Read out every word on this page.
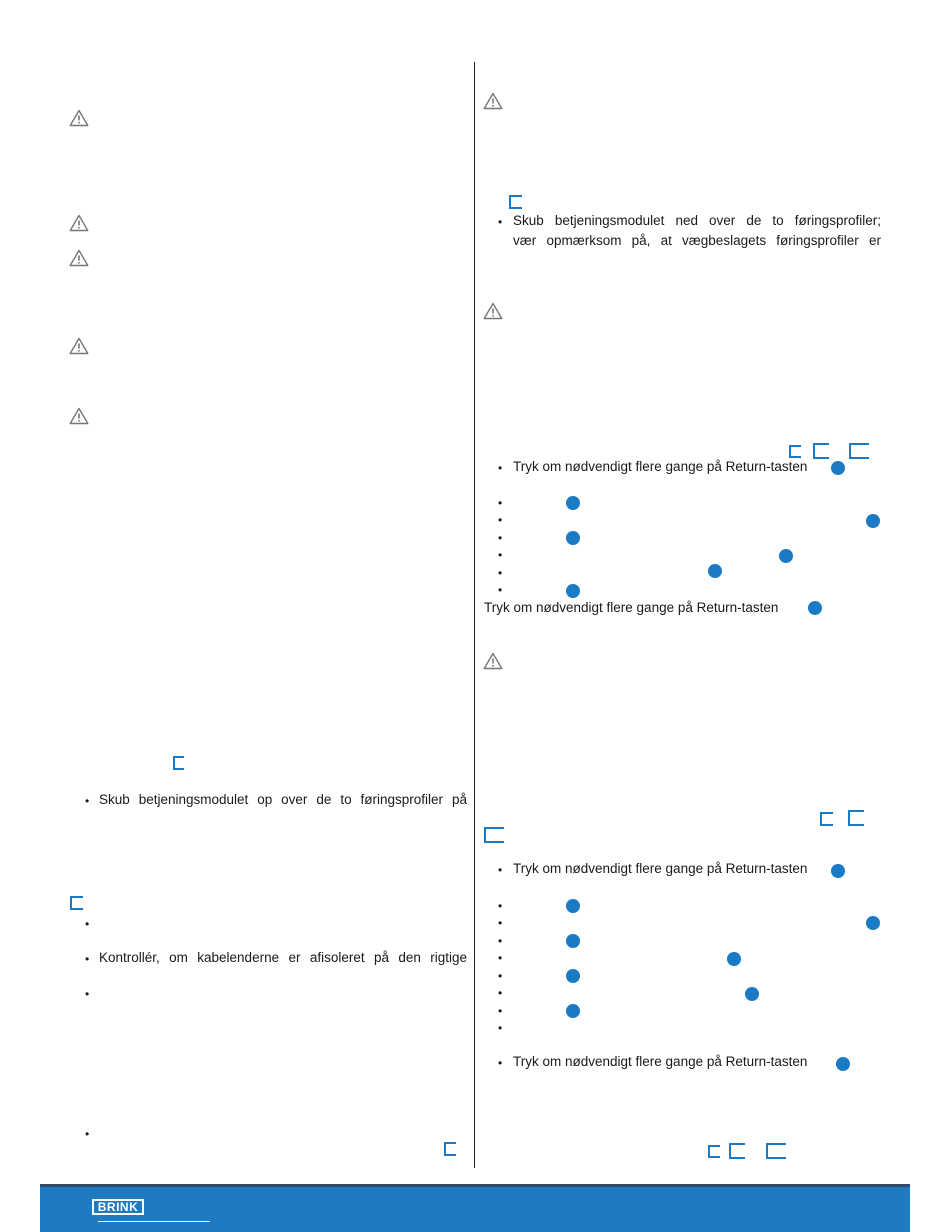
• Skub betjeningsmodulet op over de to føringsprofiler på
•
• Kontrollér, om kabelenderne er afisoleret på den rigtige
•
•
• Skub betjeningsmodulet ned over de to føringsprofiler;
vær opmærksom på, at vægbeslagets føringsprofiler er
• Tryk om nødvendigt flere gange på Return-tasten
•
•
•
•
•
•
Tryk om nødvendigt flere gange på Return-tasten
• Tryk om nødvendigt flere gange på Return-tasten
•
•
•
•
•
•
•
•
• Tryk om nødvendigt flere gange på Return-tasten
BRINK
